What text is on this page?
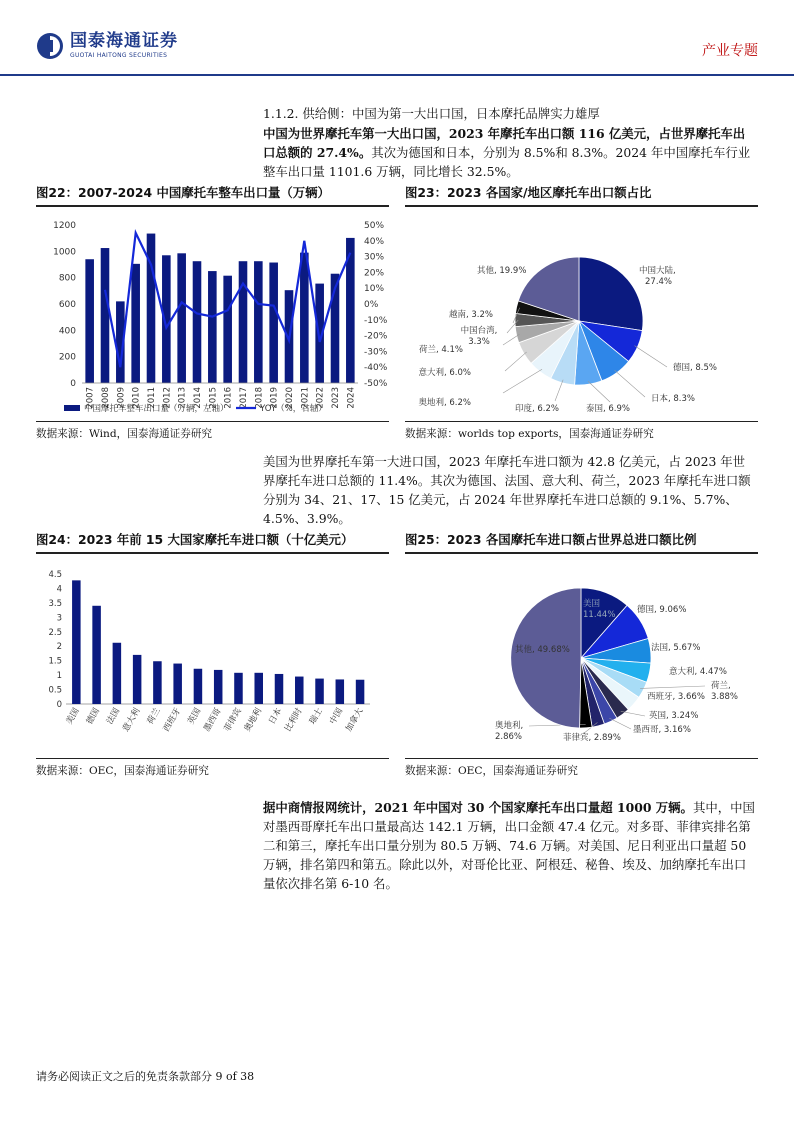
国泰海通证券
GUOTAI HAITONG SECURITIES	产业专题
1.1.2. 供给侧：中国为第一大出口国，日本摩托品牌实力雄厚
中国为世界摩托车第一大出口国，2023 年摩托车出口额 116 亿美元，占世界摩托车出口总额的 27.4%。其次为德国和日本，分别为 8.5%和 8.3%。2024 年中国摩托车行业整车出口量 1101.6 万辆，同比增长 32.5%。
图22：2007-2024 中国摩托车整车出口量（万辆）
0
200
400
600
800
1000
1200
-50%
-40%
-30%
-20%
-10%
0%
10%
20%
30%
40%
50%
2007 2008 2009 2010 2011 2012 2013 2014 2015 2016 2017 2018 2019 2020 2021 2022 2023 2024
中国摩托车整车出口量（万辆，左轴）	YOY（%，右轴）
数据来源：Wind，国泰海通证券研究
图23：2023 各国家/地区摩托车出口额占比
中国大陆,
27.4%
德国, 8.5%
日本, 8.3%
泰国, 6.9%
印度, 6.2%
奥地利, 6.2%
意大利, 6.0%
荷兰, 4.1%
中国台湾,
3.3%
越南, 3.2%
其他, 19.9%
数据来源：worlds top exports，国泰海通证券研究
美国为世界摩托车第一大进口国，2023 年摩托车进口额为 42.8 亿美元，占 2023 年世界摩托车进口总额的 11.4%。其次为德国、法国、意大利、荷兰，2023 年摩托车进口额分别为 34、21、17、15 亿美元，占 2024 年世界摩托车进口总额的 9.1%、5.7%、4.5%、3.9%。
图24：2023 年前 15 大国家摩托车进口额（十亿美元）
0
0.5
1
1.5
2
2.5
3
3.5
4
4.5
美国 德国 法国
意大利 荷兰
西班牙 英国
墨西哥
菲律宾
奥地利 日本
比利时 瑞士 中国
加拿大
数据来源：OEC，国泰海通证券研究
图25：2023 各国摩托车进口额占世界总进口额比例
美国
11.44%	德国, 9.06%
法国, 5.67%
意大利, 4.47%
荷兰,
3.88%
西班牙, 3.66%
英国, 3.24%
墨西哥, 3.16%
菲律宾, 2.89%
奥地利,
2.86%
其他, 49.68%
数据来源：OEC，国泰海通证券研究
据中商情报网统计，2021 年中国对 30 个国家摩托车出口量超 1000 万辆。其中，中国对墨西哥摩托车出口量最高达 142.1 万辆，出口金额 47.4 亿元。对多哥、菲律宾排名第二和第三，摩托车出口量分别为 80.5 万辆、74.6 万辆。对美国、尼日利亚出口量超 50 万辆，排名第四和第五。除此以外，对哥伦比亚、阿根廷、秘鲁、埃及、加纳摩托车出口量依次排名第 6-10 名。
请务必阅读正文之后的免责条款部分 9 of 38
